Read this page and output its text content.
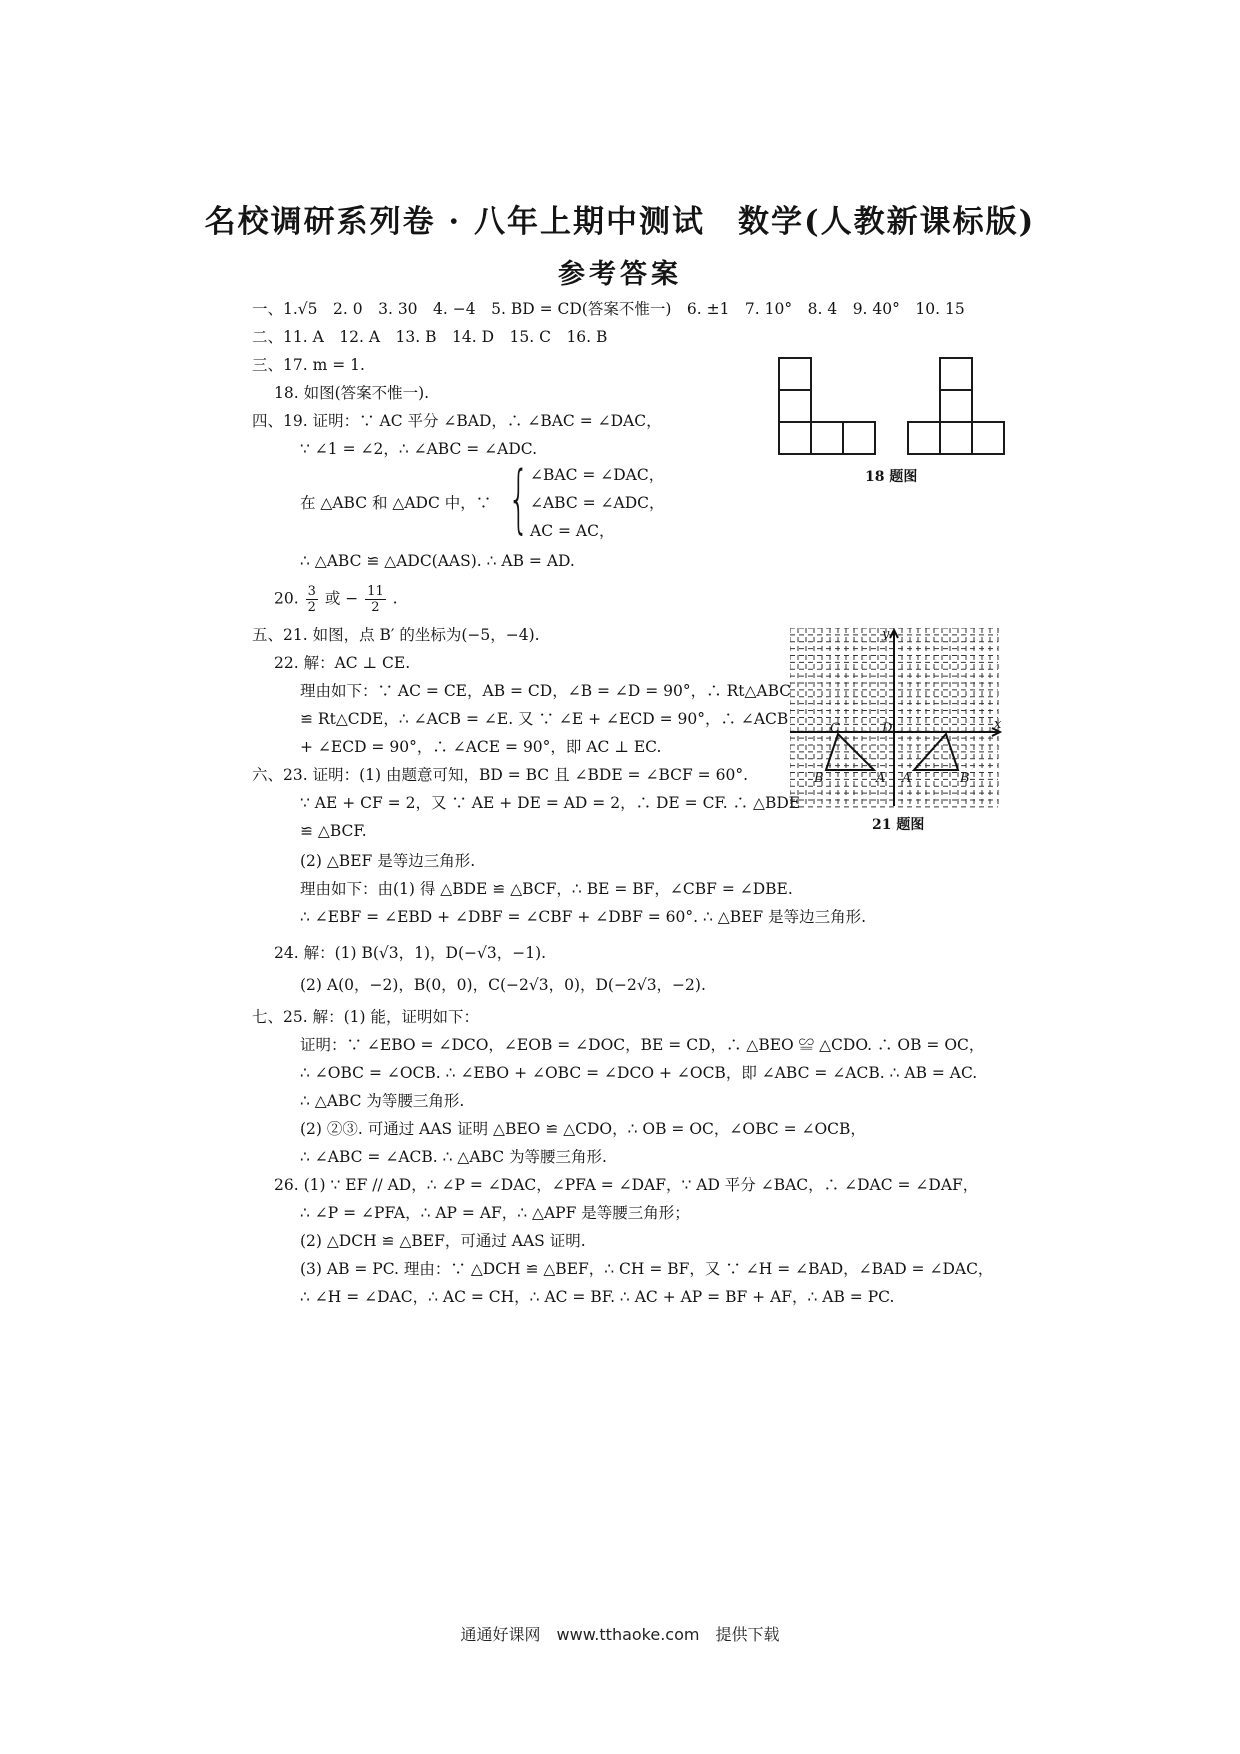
名校调研系列卷 · 八年上期中测试　数学(人教新课标版)
参考答案
一、1.√5　2. 0　3. 30　4. −4　5. BD = CD(答案不惟一)　6. ±1　7. 10°　8. 4　9. 40°　10. 15
二、11. A　12. A　13. B　14. D　15. C　16. B
三、17. m = 1.
18. 如图(答案不惟一).
四、19. 证明：∵ AC 平分 ∠BAD，∴ ∠BAC = ∠DAC，
∵ ∠1 = ∠2，∴ ∠ABC = ∠ADC.
∠BAC = ∠DAC，
在 △ABC 和 △ADC 中，∵ { ∠ABC = ∠ADC，
AC = AC，
∴ △ABC ≌ △ADC(AAS). ∴ AB = AD.
20. $\frac{3}{2}$ 或 − $\frac{11}{2}$ .
五、21. 如图，点 B′ 的坐标为(−5，−4).
22. 解：AC ⊥ CE.
理由如下：∵ AC = CE，AB = CD，∠B = ∠D = 90°，∴ Rt△ABC
≌ Rt△CDE，∴ ∠ACB = ∠E. 又 ∵ ∠E + ∠ECD = 90°，∴ ∠ACB
+ ∠ECD = 90°，∴ ∠ACE = 90°，即 AC ⊥ EC.
六、23. 证明：(1) 由题意可知，BD = BC 且 ∠BDE = ∠BCF = 60°.
∵ AE + CF = 2，又 ∵ AE + DE = AD = 2，∴ DE = CF. ∴ △BDE
≌ △BCF.
(2) △BEF 是等边三角形.
理由如下：由(1) 得 △BDE ≌ △BCF，∴ BE = BF，∠CBF = ∠DBE.
∴ ∠EBF = ∠EBD + ∠DBF = ∠CBF + ∠DBF = 60°. ∴ △BEF 是等边三角形.
24. 解：(1) B(√3，1)，D(−√3，−1).
(2) A(0，−2)，B(0，0)，C(−2√3，0)，D(−2√3，−2).
七、25. 解：(1) 能，证明如下：
证明：∵ ∠EBO = ∠DCO，∠EOB = ∠DOC，BE = CD，∴ △BEO ≌ △CDO. ∴ OB = OC，
∴ ∠OBC = ∠OCB. ∴ ∠EBO + ∠OBC = ∠DCO + ∠OCB，即 ∠ABC = ∠ACB. ∴ AB = AC.
∴ △ABC 为等腰三角形.
(2) ②③. 可通过 AAS 证明 △BEO ≌ △CDO，∴ OB = OC，∠OBC = ∠OCB，
∴ ∠ABC = ∠ACB. ∴ △ABC 为等腰三角形.
26. (1) ∵ EF // AD，∴ ∠P = ∠DAC，∠PFA = ∠DAF，∵ AD 平分 ∠BAC，∴ ∠DAC = ∠DAF，
∴ ∠P = ∠PFA，∴ AP = AF，∴ △APF 是等腰三角形；
(2) △DCH ≌ △BEF，可通过 AAS 证明.
(3) AB = PC. 理由：∵ △DCH ≌ △BEF，∴ CH = BF，又 ∵ ∠H = ∠BAD，∠BAD = ∠DAC，
∴ ∠H = ∠DAC，∴ AC = CH，∴ AC = BF. ∴ AC + AP = BF + AF，∴ AB = PC.
18 题图
y
x
C	D
B	A A	B
21 题图
通通好课网　www.tthaoke.com　提供下载
